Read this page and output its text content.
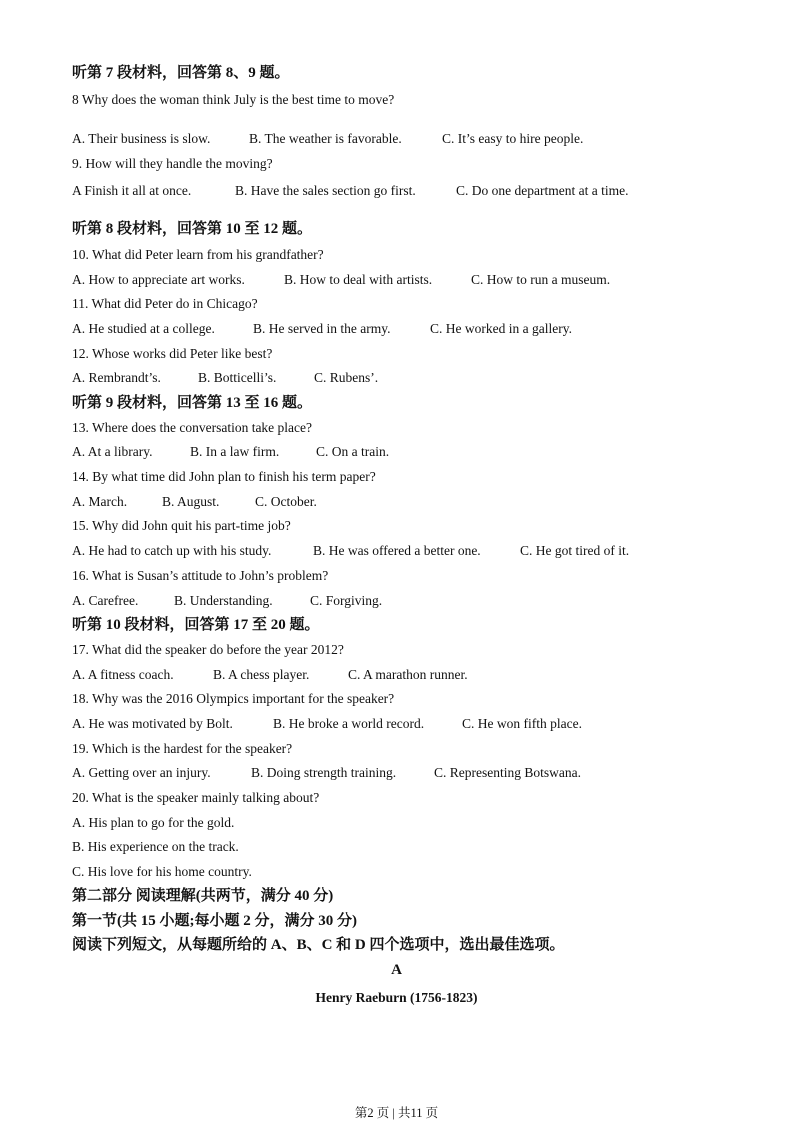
听第 7 段材料，回答第 8、9 题。
8 Why does the woman think July is the best time to move?
A. Their business is slow.	B. The weather is favorable.	C. It’s easy to hire people.
9. How will they handle the moving?
A Finish it all at once.	B. Have the sales section go first.	C. Do one department at a time.
听第 8 段材料，回答第 10 至 12 题。
10. What did Peter learn from his grandfather?
A. How to appreciate art works.	B. How to deal with artists.	C. How to run a museum.
11. What did Peter do in Chicago?
A. He studied at a college.	B. He served in the army.	C. He worked in a gallery.
12. Whose works did Peter like best?
A. Rembrandt’s.	B. Botticelli’s.	C. Rubens’.
听第 9 段材料，回答第 13 至 16 题。
13. Where does the conversation take place?
A. At a library.	B. In a law firm.	C. On a train.
14. By what time did John plan to finish his term paper?
A. March.	B. August.	C. October.
15. Why did John quit his part-time job?
A. He had to catch up with his study.	B. He was offered a better one.	C. He got tired of it.
16. What is Susan’s attitude to John’s problem?
A. Carefree.	B. Understanding.	C. Forgiving.
听第 10 段材料，回答第 17 至 20 题。
17. What did the speaker do before the year 2012?
A. A fitness coach.	B. A chess player.	C. A marathon runner.
18. Why was the 2016 Olympics important for the speaker?
A. He was motivated by Bolt.	B. He broke a world record.	C. He won fifth place.
19. Which is the hardest for the speaker?
A. Getting over an injury.	B. Doing strength training.	C. Representing Botswana.
20. What is the speaker mainly talking about?
A. His plan to go for the gold.
B. His experience on the track.
C. His love for his home country.
第二部分 阅读理解(共两节，满分 40 分)
第一节(共 15 小题;每小题 2 分，满分 30 分)
阅读下列短文，从每题所给的 A、B、C 和 D 四个选项中，选出最佳选项。
A
Henry Raeburn (1756-1823)
第2 页 | 共11 页
